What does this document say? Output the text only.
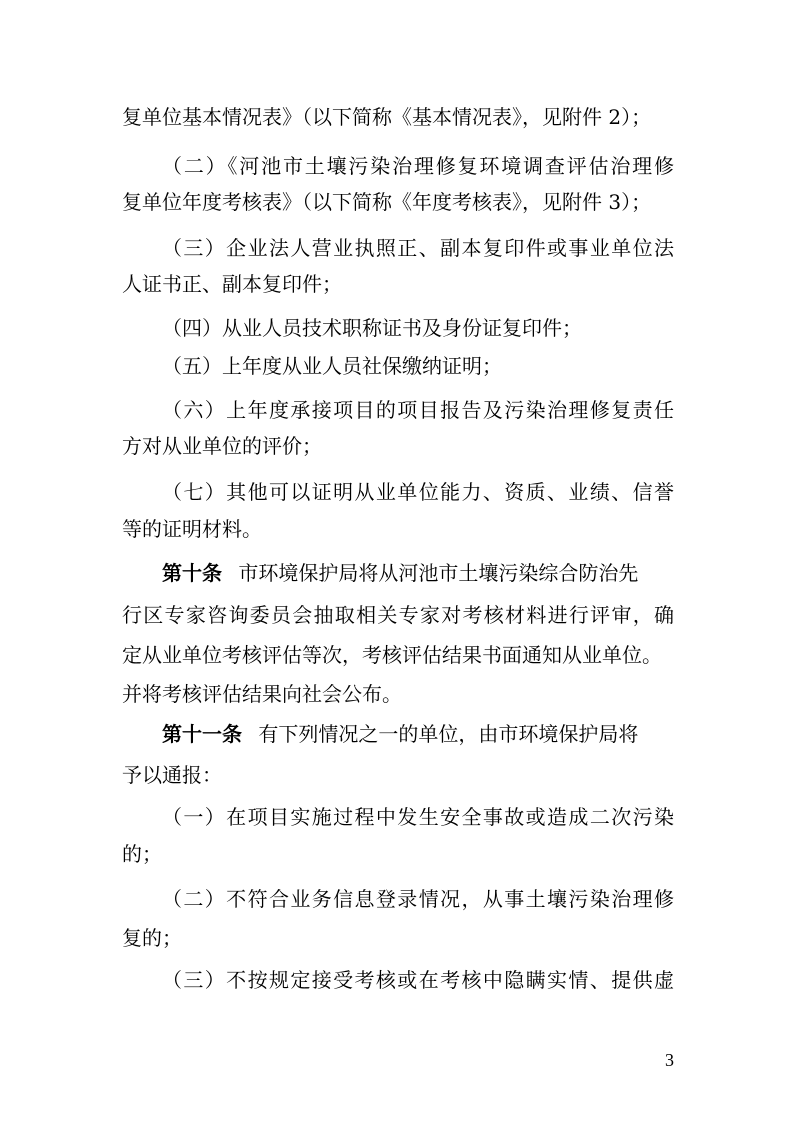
复单位基本情况表》（以下简称《基本情况表》，见附件 2）；
（二）《河池市土壤污染治理修复环境调查评估治理修
复单位年度考核表》（以下简称《年度考核表》，见附件 3）；
（三）企业法人营业执照正、副本复印件或事业单位法
人证书正、副本复印件；
（四）从业人员技术职称证书及身份证复印件；
（五）上年度从业人员社保缴纳证明；
（六）上年度承接项目的项目报告及污染治理修复责任
方对从业单位的评价；
（七）其他可以证明从业单位能力、资质、业绩、信誉
等的证明材料。
第十条 市环境保护局将从河池市土壤污染综合防治先
行区专家咨询委员会抽取相关专家对考核材料进行评审，确
定从业单位考核评估等次，考核评估结果书面通知从业单位。
并将考核评估结果向社会公布。
第十一条 有下列情况之一的单位，由市环境保护局将
予以通报：
（一）在项目实施过程中发生安全事故或造成二次污染
的；
（二）不符合业务信息登录情况，从事土壤污染治理修
复的；
（三）不按规定接受考核或在考核中隐瞒实情、提供虚
3
